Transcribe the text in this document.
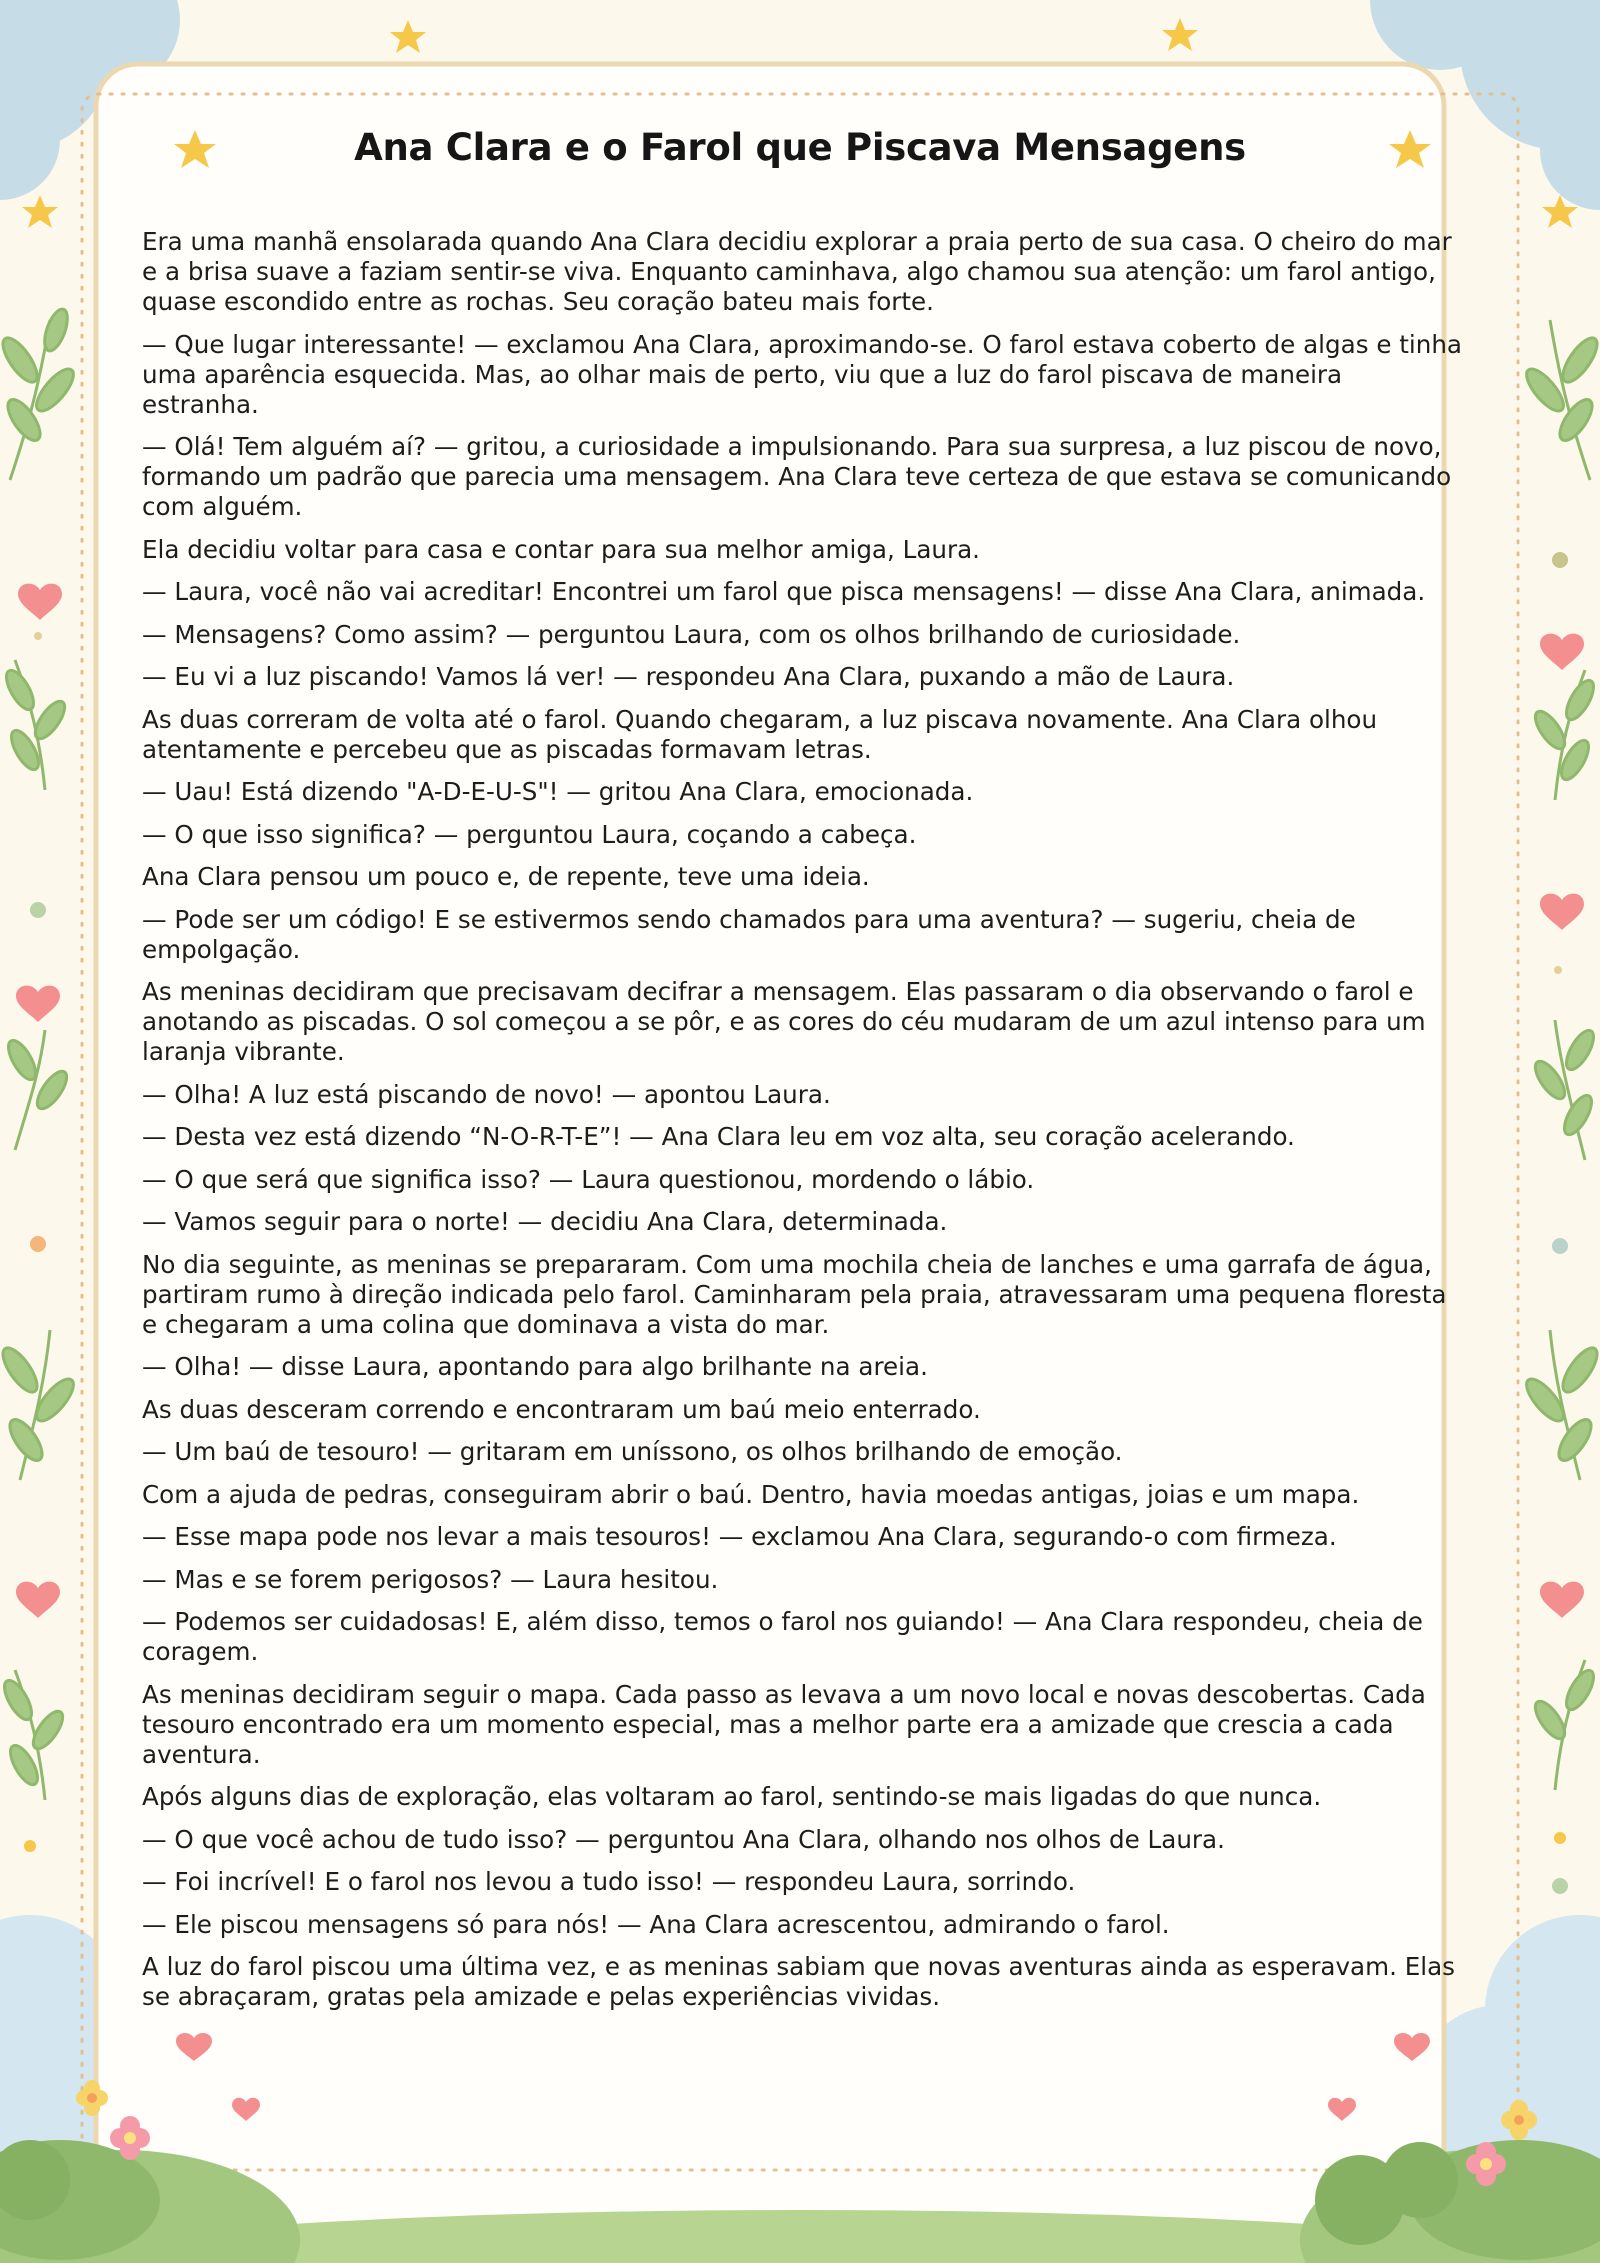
Ana Clara e o Farol que Piscava Mensagens

Era uma manhã ensolarada quando Ana Clara decidiu explorar a praia perto de sua casa. O cheiro do mar e a brisa suave a faziam sentir-se viva. Enquanto caminhava, algo chamou sua atenção: um farol antigo, quase escondido entre as rochas. Seu coração bateu mais forte.

— Que lugar interessante! — exclamou Ana Clara, aproximando-se. O farol estava coberto de algas e tinha uma aparência esquecida. Mas, ao olhar mais de perto, viu que a luz do farol piscava de maneira estranha.

— Olá! Tem alguém aí? — gritou, a curiosidade a impulsionando. Para sua surpresa, a luz piscou de novo, formando um padrão que parecia uma mensagem. Ana Clara teve certeza de que estava se comunicando com alguém.

Ela decidiu voltar para casa e contar para sua melhor amiga, Laura.

— Laura, você não vai acreditar! Encontrei um farol que pisca mensagens! — disse Ana Clara, animada.

— Mensagens? Como assim? — perguntou Laura, com os olhos brilhando de curiosidade.

— Eu vi a luz piscando! Vamos lá ver! — respondeu Ana Clara, puxando a mão de Laura.

As duas correram de volta até o farol. Quando chegaram, a luz piscava novamente. Ana Clara olhou atentamente e percebeu que as piscadas formavam letras.

— Uau! Está dizendo "A-D-E-U-S"! — gritou Ana Clara, emocionada.

— O que isso significa? — perguntou Laura, coçando a cabeça.

Ana Clara pensou um pouco e, de repente, teve uma ideia.

— Pode ser um código! E se estivermos sendo chamados para uma aventura? — sugeriu, cheia de empolgação.

As meninas decidiram que precisavam decifrar a mensagem. Elas passaram o dia observando o farol e anotando as piscadas. O sol começou a se pôr, e as cores do céu mudaram de um azul intenso para um laranja vibrante.

— Olha! A luz está piscando de novo! — apontou Laura.

— Desta vez está dizendo “N-O-R-T-E”! — Ana Clara leu em voz alta, seu coração acelerando.

— O que será que significa isso? — Laura questionou, mordendo o lábio.

— Vamos seguir para o norte! — decidiu Ana Clara, determinada.

No dia seguinte, as meninas se prepararam. Com uma mochila cheia de lanches e uma garrafa de água, partiram rumo à direção indicada pelo farol. Caminharam pela praia, atravessaram uma pequena floresta e chegaram a uma colina que dominava a vista do mar.

— Olha! — disse Laura, apontando para algo brilhante na areia.

As duas desceram correndo e encontraram um baú meio enterrado.

— Um baú de tesouro! — gritaram em uníssono, os olhos brilhando de emoção.

Com a ajuda de pedras, conseguiram abrir o baú. Dentro, havia moedas antigas, joias e um mapa.

— Esse mapa pode nos levar a mais tesouros! — exclamou Ana Clara, segurando-o com firmeza.

— Mas e se forem perigosos? — Laura hesitou.

— Podemos ser cuidadosas! E, além disso, temos o farol nos guiando! — Ana Clara respondeu, cheia de coragem.

As meninas decidiram seguir o mapa. Cada passo as levava a um novo local e novas descobertas. Cada tesouro encontrado era um momento especial, mas a melhor parte era a amizade que crescia a cada aventura.

Após alguns dias de exploração, elas voltaram ao farol, sentindo-se mais ligadas do que nunca.

— O que você achou de tudo isso? — perguntou Ana Clara, olhando nos olhos de Laura.

— Foi incrível! E o farol nos levou a tudo isso! — respondeu Laura, sorrindo.

— Ele piscou mensagens só para nós! — Ana Clara acrescentou, admirando o farol.

A luz do farol piscou uma última vez, e as meninas sabiam que novas aventuras ainda as esperavam. Elas se abraçaram, gratas pela amizade e pelas experiências vividas.
